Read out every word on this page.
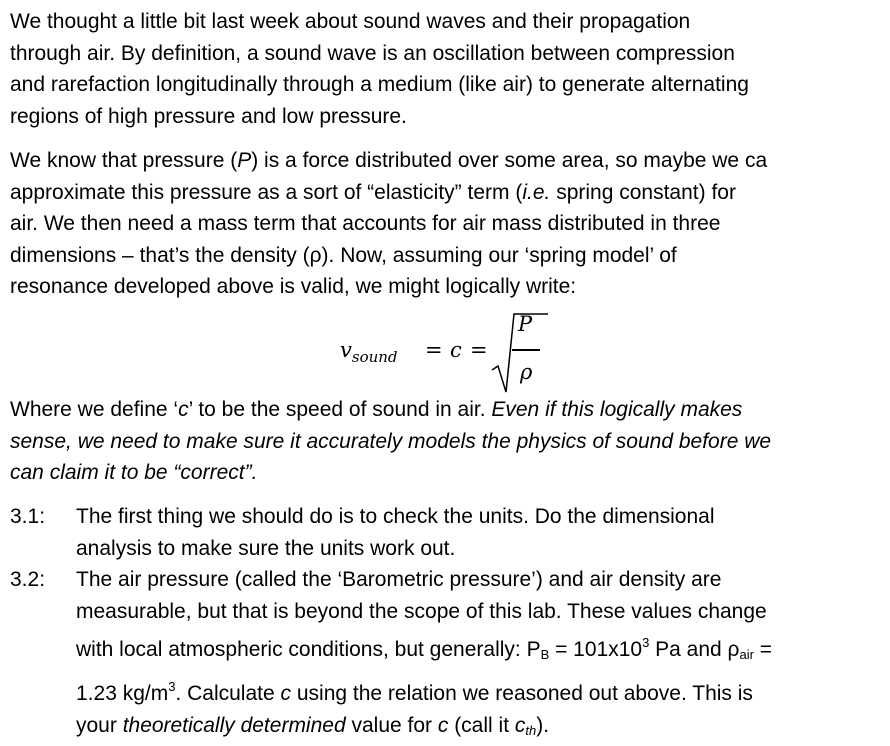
We thought a little bit last week about sound waves and their propagation
through air. By definition, a sound wave is an oscillation between compression
and rarefaction longitudinally through a medium (like air) to generate alternating
regions of high pressure and low pressure.

We know that pressure (P) is a force distributed over some area, so maybe we ca
approximate this pressure as a sort of “elasticity” term (i.e. spring constant) for
air. We then need a mass term that accounts for air mass distributed in three
dimensions – that’s the density (ρ). Now, assuming our ‘spring model’ of
resonance developed above is valid, we might logically write:

$v_{sound} = c$ =
P
ρ

Where we define ‘c’ to be the speed of sound in air. Even if this logically makes
sense, we need to make sure it accurately models the physics of sound before we
can claim it to be “correct”.

3.1: The first thing we should do is to check the units. Do the dimensional
analysis to make sure the units work out.
3.2: The air pressure (called the ‘Barometric pressure’) and air density are
measurable, but that is beyond the scope of this lab. These values change
with local atmospheric conditions, but generally: PB = $101x10^3$ Pa and ρair =
1.23 $kg/m^3$. Calculate c using the relation we reasoned out above. This is
your theoretically determined value for c (call it cth).
